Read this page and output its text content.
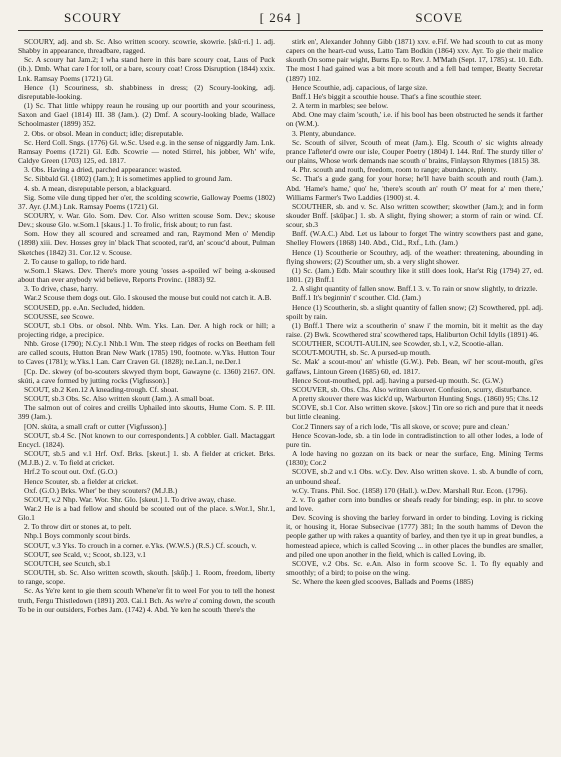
SCOURY	[ 264 ]	SCOVE

SCOURY, adj. and sb. Sc. Also written scoory. scowrie, skowrie. [skū·ri.] 1. adj. Shabby in appearance, threadbare, ragged.

Sc. A scoury hat Jam.2; I wha stand here in this bare scoury coat, Laus of Puck (ib.). Dmb. What care I for toll, or a bare, scoury coat! Cross Disruption (1844) xxix. Lnk. Ramsay Poems (1721) Gl.

Hence (1) Scouriness, sb. shabbiness in dress; (2) Scoury-looking, adj. disreputable-looking.

(1) Sc. That little whippy reaun he rousing up our poortith and your scouriness, Saxon and Gael (1814) III. 38 (Jam.). (2) Dmf. A scoury-looking blade, Wallace Schoolmaster (1899) 352.

2. Obs. or obsol. Mean in conduct; idle; disreputable.

Sc. Herd Coll. Sngs. (1776) Gl. w.Sc. Used e.g. in the sense of niggardly Jam. Lnk. Ramsay Poems (1721) Gl. Edb. Scowrie — noted Stirrel, his jobber, Wh’ wife, Caldye Green (1703) 125, ed. 1817.

3. Obs. Having a dried, parched appearance: wasted.

Sc. Sibbald Gl. (1802) (Jam.); It is sometimes applied to ground Jam.

4. sb. A mean, disreputable person, a blackguard.

Sig. Some vile dung tipped her o'er, the scolding scowrie, Galloway Poems (1802) 37. Ayr. (J.M.) Lnk. Ramsay Poems (1721) Gl.

SCOURY, v. War. Glo. Som. Dev. Cor. Also written scouse Som. Dev.; skouse Dev.; skouse Glo. w.Som.1 [skaus.] 1. To frolic, frisk about; to run fast.

Som. How they all scoured and screamed and ran, Raymond Men o' Mendip (1898) xiii. Dev. Hosses grey in' black That scooted, rar'd, an' scouc'd about, Pulman Sketches (1842) 31. Cor.12 v. Scouse.

2. To cause to gallop, to ride hard.

w.Som.1 Skaws. Dev. There's more young 'osses a-spoiled wi' being a-skoused about than ever anybody wid believe, Reports Provinc. (1883) 92.

3. To drive, chase, harry.

War.2 Scouse them dogs out. Glo. I skoused the mouse but could not catch it. A.B.

SCOUSED, pp. e.An. Secluded, hidden.

SCOUSSE, see Scowe.

SCOUT, sb.1 Obs. or obsol. Nhb. Wm. Yks. Lan. Der. A high rock or hill; a projecting ridge, a precipice.

Nhb. Grose (1790); N.Cy.1 Nhb.1 Wm. The steep ridges of rocks on Beetham fell are called scouts, Hutton Bran New Wark (1785) 190, footnote. w.Yks. Hutton Tour to Caves (1781); w.Yks.1 Lan. Carr Craven Gl. (1828); ne.Lan.1, ne.Der.1

[Cp. Dc. skwey (of bo-scouters skwyed thym bopt, Gawayne (c. 1360) 2167. ON. skúti, a cave formed by jutting rocks (Vigfusson).]

SCOUT, sb.2 Ken.12 A kneading-trough. Cf. shoat.

SCOUT, sb.3 Obs. Sc. Also written skoutt (Jam.). A small boat.

The salmon out of coires and creills Uphailed into skoutts, Hume Com. S. P. III. 399 (Jam.).

[ON. skúta, a small craft or cutter (Vigfusson).]

SCOUT, sb.4 Sc. [Not known to our correspondents.] A cobbler. Gall. Mactaggart Encycl. (1824).

SCOUT, sb.5 and v.1 Hrf. Oxf. Brks. [skeut.] 1. sb. A fielder at cricket. Brks. (M.J.B.) 2. v. To field at cricket.

Hrf.2 To scout out. Oxf. (G.O.)

Hence Scouter, sb. a fielder at cricket.

Oxf. (G.O.) Brks. Wher' be they scouters? (M.J.B.)

SCOUT, v.2 Nhp. War. Wor. Shr. Glo. [skeut.] 1. To drive away, chase.

War.2 He is a bad fellow and should be scouted out of the place. s.Wor.1, Shr.1, Glo.1

2. To throw dirt or stones at, to pelt.

Nhp.1 Boys commonly scout birds.

SCOUT, v.3 Yks. To crouch in a corner. e.Yks. (W.W.S.) (R.S.) Cf. scouch, v.

SCOUT, see Scald, v.; Scoot, sb.123, v.1

SCOUTCH, see Scutch, sb.1

SCOUTH, sb. Sc. Also written scowth, skouth. [skūþ.] 1. Room, freedom, liberty to range, scope.

Sc. As Ye're kent to gie them scouth Whene'er fit to weel For you to tell the honest truth, Fergu Thistledown (1891) 203. Cai.1 Bch. As we're a' coming down, the scouth To be in our outsiders, Forbes Jam. (1742) 4. Abd. Ye ken he scouth 'there's the

stirk en', Alexander Johnny Gibb (1871) xxv. e.Fif. We had scouth to cut as mony capers on the heart-cud wuss, Latto Tam Bodkin (1864) xxv. Ayr. To gie their malice skouth On some pair wight, Burns Ep. to Rev. J. M'Math (Sept. 17, 1785) st. 10. Edb. The most I had gained was a bit more scouth and a fell bad temper, Beatty Secretar (1897) 102.

Hence Scouthie, adj. capacious, of large size.

Bnff.1 He's biggit a scouthie house. That's a fine scouthie steer.

2. A term in marbles; see below.

Abd. One may claim 'scouth,' i.e. if his bool has been obstructed he sends it farther on (W.M.).

3. Plenty, abundance.

Sc. Scouth of silver, Scouth of meat (Jam.). Elg. Scouth o' sic wights already prance I'afleter'd owre our isle, Couper Poetry (1804) I. 144. Rnf. The sturdy tiller o' our plains, Whose work demands nae scouth o' brains, Finlayson Rhymes (1815) 38.

4. Phr. scouth and routh, freedom, room to range; abundance, plenty.

Sc. That's a gude gang for your horse; he'll have baith scouth and routh (Jam.). Abd. 'Hame's hame,' quo' he, 'there's scouth an' routh O' meat for a' men there,' Williams Farmer's Two Laddies (1900) st. 4.

SCOUTHER, sb. and v. Sc. Also written scowther; skowther (Jam.); and in form skouder Bnff. [skūþǝr.] 1. sb. A slight, flying shower; a storm of rain or wind. Cf. scour, sb.3

Bnff. (W.A.C.) Abd. Let us labour to forget The wintry scowthers past and gane, Shelley Flowers (1868) 140. Abd., Cld., Rxf., Lth. (Jam.)

Hence (1) Scoutherie or Scouthry, adj. of the weather: threatening, abounding in flying showers; (2) Scouther um, sb. a very slight shower.

(1) Sc. (Jam.) Edb. Mair scouthry like it still does look, Har'st Rig (1794) 27, ed. 1801. (2) Bnff.1

2. A slight quantity of fallen snow. Bnff.1 3. v. To rain or snow slightly, to drizzle.

Bnff.1 It's beginnin' t' scouther. Cld. (Jam.)

Hence (1) Scoutherin, sb. a slight quantity of fallen snow; (2) Scowthered, ppl. adj. spoilt by rain.

(1) Bnff.1 There wiz a scoutherin o' snaw i' the mornin, bit it meltit as the day raise. (2) Bwk. Scowthered stra' scowthered taps, Haliburton Ochil Idylls (1891) 46.

SCOUTHER, SCOUTI-AULIN, see Scowder, sb.1, v.2, Scootie-allan.

SCOUT-MOUTH, sb. Sc. A pursed-up mouth.

Sc. Mak' a scout-mou' an' whistle (G.W.). Peb. Bean, wi' her scout-mouth, gi'es gaffaws, Lintoun Green (1685) 60, ed. 1817.

Hence Scout-mouthed, ppl. adj. having a pursed-up mouth. Sc. (G.W.)

SCOUVER, sb. Obs. Chs. Also written skouver. Confusion, scurry, disturbance.

A pretty skouver there was kick'd up, Warburton Hunting Sngs. (1860) 95; Chs.12

SCOVE, sb.1 Cor. Also written skove. [skov.] Tin ore so rich and pure that it needs but little cleaning.

Cor.2 Tinners say of a rich lode, 'Tis all skove, or scove; pure and clean.'

Hence Scovan-lode, sb. a tin lode in contradistinction to all other lodes, a lode of pure tin.

A lode having no gozzan on its back or near the surface, Eng. Mining Terms (1830); Cor.2

SCOVE, sb.2 and v.1 Obs. w.Cy. Dev. Also written skove. 1. sb. A bundle of corn, an unbound sheaf.

w.Cy. Trans. Phil. Soc. (1858) 170 (Hall.). w.Dev. Marshall Rur. Econ. (1796).

2. v. To gather corn into bundles or sheafs ready for binding; esp. in phr. to scove and love.

Dev. Scoving is shoving the barley forward in order to binding. Loving is ricking it, or housing it, Horae Subsecivae (1777) 381; In the south hamms of Devon the people gather up with rakes a quantity of barley, and then tye it up in great bundles, a homestead apiece, which is called Scoving ... in other places the bundles are smaller, and piled one upon another in the field, which is called Loving, ib.

SCOVE, v.2 Obs. Sc. e.An. Also in form scoove Sc. 1. To fly equably and smoothly; of a bird; to poise on the wing.

Sc. Where the keen gled scooves, Ballads and Poems (1885)
